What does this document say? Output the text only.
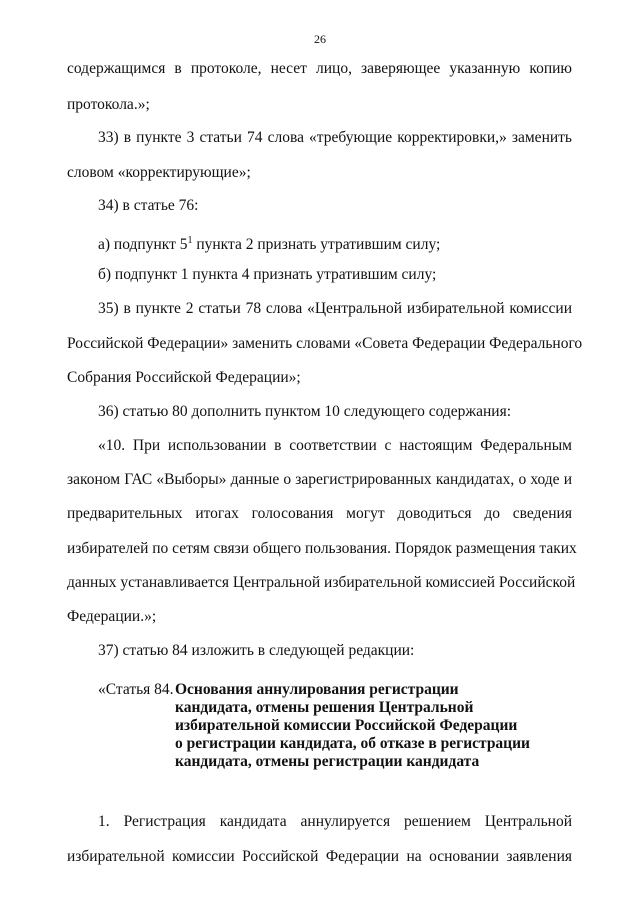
26
содержащимся в протоколе, несет лицо, заверяющее указанную копию
протокола.»;
33) в пункте 3 статьи 74 слова «требующие корректировки,» заменить
словом «корректирующие»;
34) в статье 76:
а) подпункт $5^1$ пункта 2 признать утратившим силу;
б) подпункт 1 пункта 4 признать утратившим силу;
35) в пункте 2 статьи 78 слова «Центральной избирательной комиссии
Российской Федерации» заменить словами «Совета Федерации Федерального
Собрания Российской Федерации»;
36) статью 80 дополнить пунктом 10 следующего содержания:
«10. При использовании в соответствии с настоящим Федеральным
законом ГАС «Выборы» данные о зарегистрированных кандидатах, о ходе и
предварительных итогах голосования могут доводиться до сведения
избирателей по сетям связи общего пользования. Порядок размещения таких
данных устанавливается Центральной избирательной комиссией Российской
Федерации.»;
37) статью 84 изложить в следующей редакции:
«Статья 84. Основания аннулирования регистрации
кандидата, отмены решения Центральной
избирательной комиссии Российской Федерации
о регистрации кандидата, об отказе в регистрации
кандидата, отмены регистрации кандидата
1. Регистрация кандидата аннулируется решением Центральной
избирательной комиссии Российской Федерации на основании заявления
